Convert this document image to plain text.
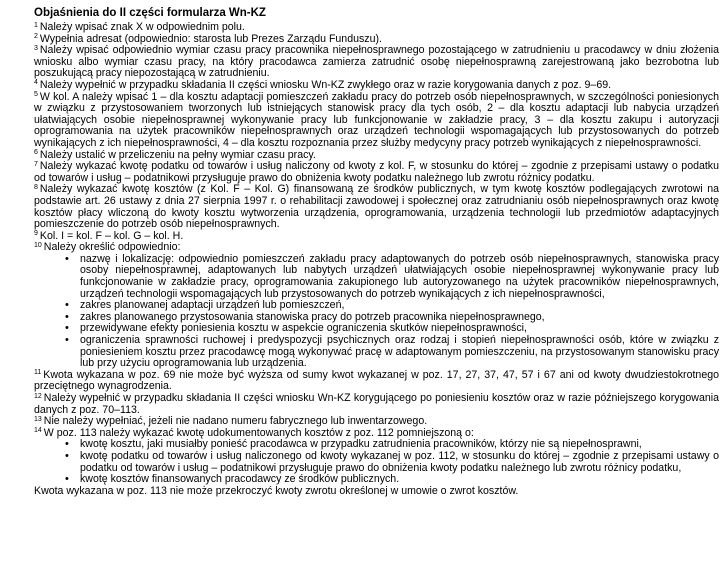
Objaśnienia do II części formularza Wn-KZ

$^1$ Należy wpisać znak X w odpowiednim polu.

$^2$ Wypełnia adresat (odpowiednio: starosta lub Prezes Zarządu Funduszu).

$^3$ Należy wpisać odpowiednio wymiar czasu pracy pracownika niepełnosprawnego pozostającego w zatrudnieniu u pracodawcy w dniu złożenia wniosku albo wymiar czasu pracy, na który pracodawca zamierza zatrudnić osobę niepełnosprawną zarejestrowaną jako bezrobotna lub poszukującą pracy niepozostającą w zatrudnieniu.

$^4$ Należy wypełnić w przypadku składania II części wniosku Wn-KZ zwykłego oraz w razie korygowania danych z poz. 9–69.

$^5$ W kol. A należy wpisać 1 – dla kosztu adaptacji pomieszczeń zakładu pracy do potrzeb osób niepełnosprawnych, w szczególności poniesionych w związku z przystosowaniem tworzonych lub istniejących stanowisk pracy dla tych osób, 2 – dla kosztu adaptacji lub nabycia urządzeń ułatwiających osobie niepełnosprawnej wykonywanie pracy lub funkcjonowanie w zakładzie pracy, 3 – dla kosztu zakupu i autoryzacji oprogramowania na użytek pracowników niepełnosprawnych oraz urządzeń technologii wspomagających lub przystosowanych do potrzeb wynikających z ich niepełnosprawności, 4 – dla kosztu rozpoznania przez służby medycyny pracy potrzeb wynikających z niepełnosprawności.

$^6$ Należy ustalić w przeliczeniu na pełny wymiar czasu pracy.

$^7$ Należy wykazać kwotę podatku od towarów i usług naliczony od kwoty z kol. F, w stosunku do której – zgodnie z przepisami ustawy o podatku od towarów i usług – podatnikowi przysługuje prawo do obniżenia kwoty podatku należnego lub zwrotu różnicy podatku.

$^8$ Należy wykazać kwotę kosztów (z Kol. F – Kol. G) finansowaną ze środków publicznych, w tym kwotę kosztów podlegających zwrotowi na podstawie art. 26 ustawy z dnia 27 sierpnia 1997 r. o rehabilitacji zawodowej i społecznej oraz zatrudnianiu osób niepełnosprawnych oraz kwotę kosztów płacy wliczoną do kwoty kosztu wytworzenia urządzenia, oprogramowania, urządzenia technologii lub przedmiotów adaptacyjnych pomieszczenie do potrzeb osób niepełnosprawnych.

$^9$ Kol. I = kol. F – kol. G – kol. H.

$^{10}$ Należy określić odpowiednio:

• nazwę i lokalizację: odpowiednio pomieszczeń zakładu pracy adaptowanych do potrzeb osób niepełnosprawnych, stanowiska pracy osoby niepełnosprawnej, adaptowanych lub nabytych urządzeń ułatwiających osobie niepełnosprawnej wykonywanie pracy lub funkcjonowanie w zakładzie pracy, oprogramowania zakupionego lub autoryzowanego na użytek pracowników niepełnosprawnych, urządzeń technologii wspomagających lub przystosowanych do potrzeb wynikających z ich niepełnosprawności,
• zakres planowanej adaptacji urządzeń lub pomieszczeń,
• zakres planowanego przystosowania stanowiska pracy do potrzeb pracownika niepełnosprawnego,
• przewidywane efekty poniesienia kosztu w aspekcie ograniczenia skutków niepełnosprawności,
• ograniczenia sprawności ruchowej i predyspozycji psychicznych oraz rodzaj i stopień niepełnosprawności osób, które w związku z poniesieniem kosztu przez pracodawcę mogą wykonywać pracę w adaptowanym pomieszczeniu, na przystosowanym stanowisku pracy lub przy użyciu oprogramowania lub urządzenia.

$^{11}$ Kwota wykazana w poz. 69 nie może być wyższa od sumy kwot wykazanej w poz. 17, 27, 37, 47, 57 i 67 ani od kwoty dwudziestokrotnego przeciętnego wynagrodzenia.

$^{12}$ Należy wypełnić w przypadku składania II części wniosku Wn-KZ korygującego po poniesieniu kosztów oraz w razie późniejszego korygowania danych z poz. 70–113.

$^{13}$ Nie należy wypełniać, jeżeli nie nadano numeru fabrycznego lub inwentarzowego.

$^{14}$ W poz. 113 należy wykazać kwotę udokumentowanych kosztów z poz. 112 pomniejszoną o:

• kwotę kosztu, jaki musiałby ponieść pracodawca w przypadku zatrudnienia pracowników, którzy nie są niepełnosprawni,
• kwotę podatku od towarów i usług naliczonego od kwoty wykazanej w poz. 112, w stosunku do której – zgodnie z przepisami ustawy o podatku od towarów i usług – podatnikowi przysługuje prawo do obniżenia kwoty podatku należnego lub zwrotu różnicy podatku,
• kwotę kosztów finansowanych pracodawcy ze środków publicznych.

Kwota wykazana w poz. 113 nie może przekroczyć kwoty zwrotu określonej w umowie o zwrot kosztów.
